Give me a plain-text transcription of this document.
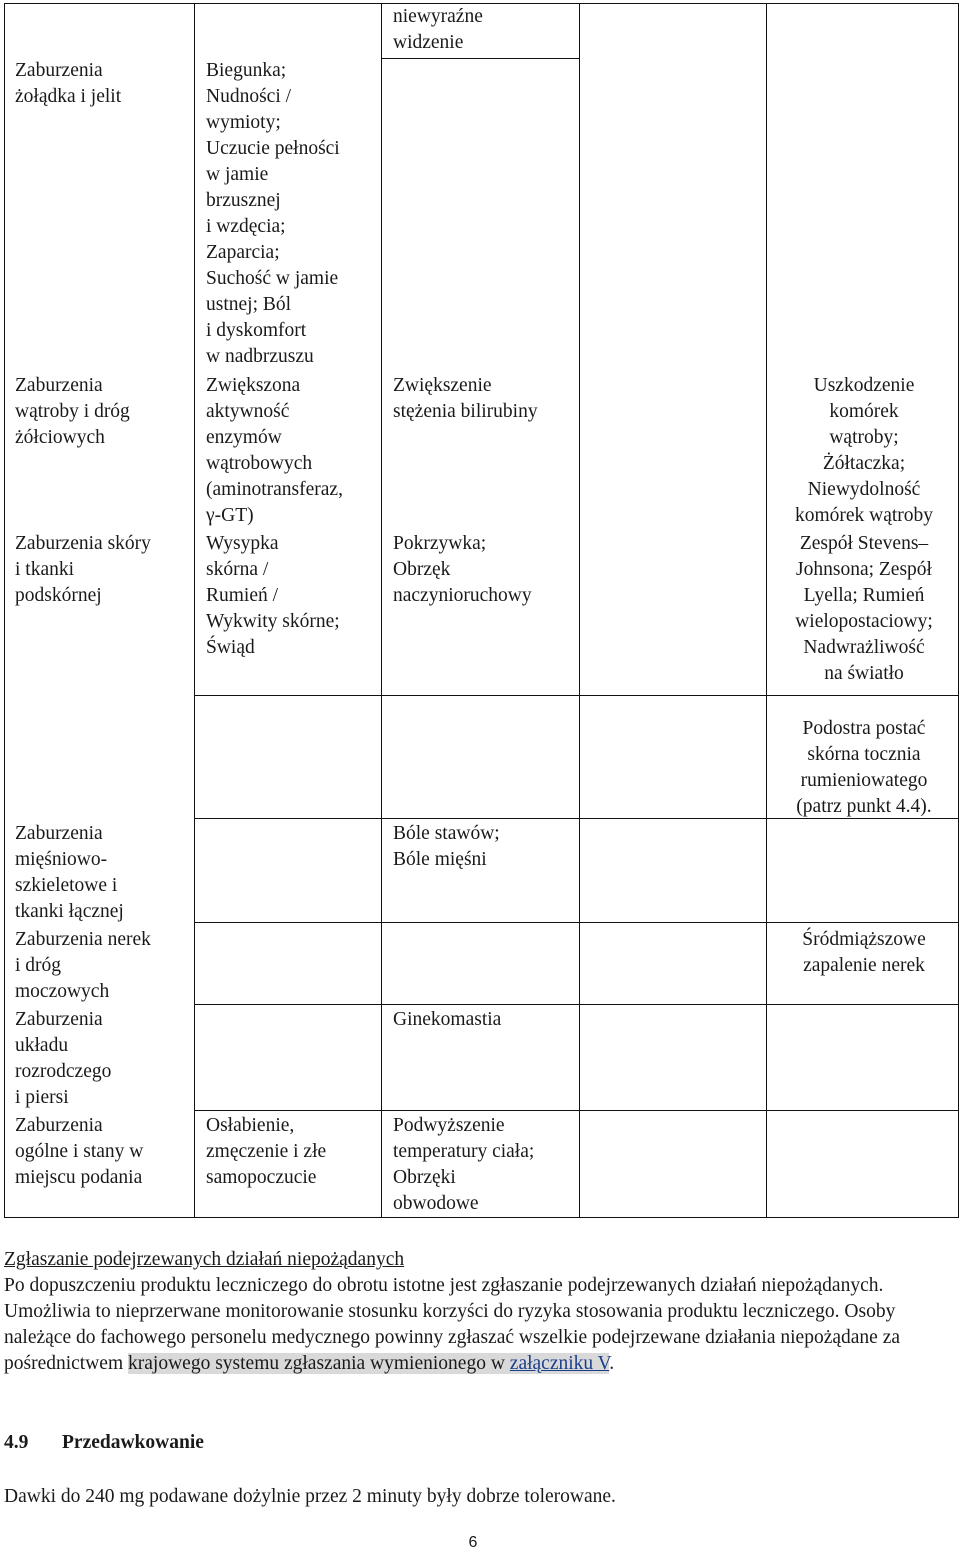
Zaburzenia
żołądka i jelit
Zaburzenia
wątroby i dróg
żółciowych
Zaburzenia skóry
i tkanki
podskórnej
Zaburzenia
mięśniowo-
szkieletowe i
tkanki łącznej
Zaburzenia nerek
i dróg
moczowych
Zaburzenia
układu
rozrodczego
i piersi
Zaburzenia
ogólne i stany w
miejscu podania
Biegunka;
Nudności /
wymioty;
Uczucie pełności
w jamie
brzusznej
i wzdęcia;
Zaparcia;
Suchość w jamie
ustnej; Ból
i dyskomfort
w nadbrzuszu
Zwiększona
aktywność
enzymów
wątrobowych
(aminotransferaz,
γ-GT)
Wysypka
skórna /
Rumień /
Wykwity skórne;
Świąd
Osłabienie,
zmęczenie i złe
samopoczucie
niewyraźne
widzenie
Zwiększenie
stężenia bilirubiny
Pokrzywka;
Obrzęk
naczynioruchowy
Bóle stawów;
Bóle mięśni
Ginekomastia
Podwyższenie
temperatury ciała;
Obrzęki
obwodowe
Uszkodzenie
komórek
wątroby;
Żółtaczka;
Niewydolność
komórek wątroby
Zespół Stevens–
Johnsona; Zespół
Lyella; Rumień
wielopostaciowy;
Nadwrażliwość
na światło
Podostra postać
skórna tocznia
rumieniowatego
(patrz punkt 4.4).
Śródmiąższowe
zapalenie nerek
Zgłaszanie podejrzewanych działań niepożądanych
Po dopuszczeniu produktu leczniczego do obrotu istotne jest zgłaszanie podejrzewanych działań niepożądanych. Umożliwia to nieprzerwane monitorowanie stosunku korzyści do ryzyka stosowania produktu leczniczego. Osoby należące do fachowego personelu medycznego powinny zgłaszać wszelkie podejrzewane działania niepożądane za pośrednictwem krajowego systemu zgłaszania wymienionego w załączniku V.
4.9 Przedawkowanie
Dawki do 240 mg podawane dożylnie przez 2 minuty były dobrze tolerowane.
6
